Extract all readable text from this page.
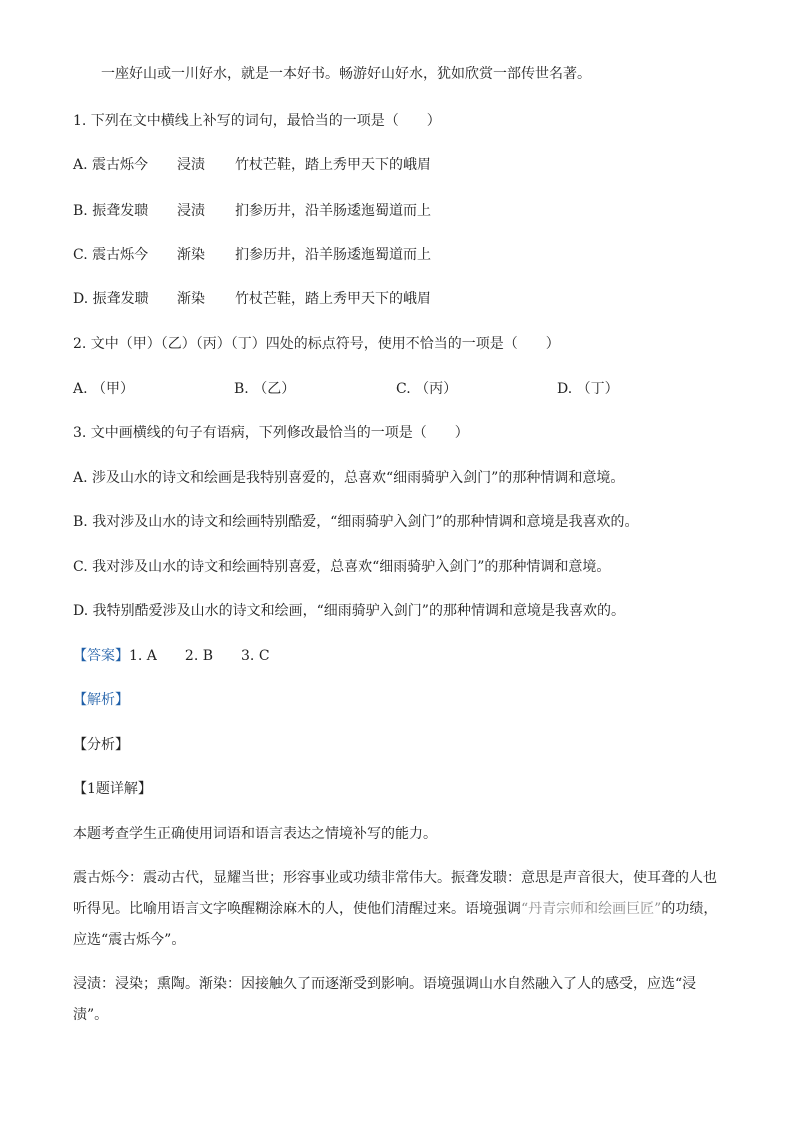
一座好山或一川好水，就是一本好书。畅游好山好水，犹如欣赏一部传世名著。
1. 下列在文中横线上补写的词句，最恰当的一项是（　　）
A. 震古烁今 浸渍 竹杖芒鞋，踏上秀甲天下的峨眉
B. 振聋发聩 浸渍 扪参历井，沿羊肠逶迤蜀道而上
C. 震古烁今 渐染 扪参历井，沿羊肠逶迤蜀道而上
D. 振聋发聩 渐染 竹杖芒鞋，踏上秀甲天下的峨眉
2. 文中（甲）（乙）（丙）（丁）四处的标点符号，使用不恰当的一项是（　　）
A. （甲）	B. （乙）	C. （丙）	D. （丁）
3. 文中画横线的句子有语病，下列修改最恰当的一项是（　　）
A. 涉及山水的诗文和绘画是我特别喜爱的，总喜欢“细雨骑驴入剑门”的那种情调和意境。
B. 我对涉及山水的诗文和绘画特别酷爱，“细雨骑驴入剑门”的那种情调和意境是我喜欢的。
C. 我对涉及山水的诗文和绘画特别喜爱，总喜欢“细雨骑驴入剑门”的那种情调和意境。
D. 我特别酷爱涉及山水的诗文和绘画，“细雨骑驴入剑门”的那种情调和意境是我喜欢的。
【答案】1. A　　2. B　　3. C
【解析】
【分析】
【1题详解】
本题考查学生正确使用词语和语言表达之情境补写的能力。
震古烁今：震动古代，显耀当世；形容事业或功绩非常伟大。振聋发聩：意思是声音很大，使耳聋的人也听得见。比喻用语言文字唤醒糊涂麻木的人，使他们清醒过来。语境强调“丹青宗师和绘画巨匠”的功绩，应选“震古烁今”。
浸渍：浸染；熏陶。渐染：因接触久了而逐渐受到影响。语境强调山水自然融入了人的感受，应选“浸渍”。
